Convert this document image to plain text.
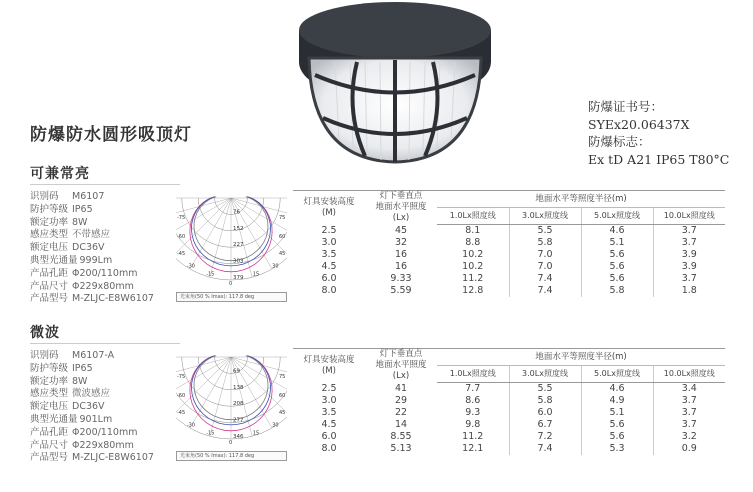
防爆防水圆形吸顶灯
防爆证书号：
SYEx20.06437X
防爆标志：
Ex tD A21 IP65 T80°C
可兼常亮
识别码 M6107
防护等级 IP65
额定功率 8W
感应类型 不带感应
额定电压 DC36V
典型光通量 999Lm
产品孔距 Φ200/110mm
产品尺寸 Φ229x80mm
产品型号 M-ZLJC-E8W6107
76
152
227
303
379
-75	75
-60	60
-45	45
-30	30
-15	15
0
光束角(50 % Imax): 117.8 deg
灯具安装高度
(M)	灯下垂直点
地面水平照度
(Lx)	地面水平等照度半径(m)			
		1.0Lx照度线	3.0Lx照度线	5.0Lx照度线	10.0Lx照度线
2.5	45	8.1	5.5	4.6	3.7
3.0	32	8.8	5.8	5.1	3.7
3.5	16	10.2	7.0	5.6	3.9
4.5	16	10.2	7.0	5.6	3.9
6.0	9.33	11.2	7.4	5.6	3.7
8.0	5.59	12.8	7.4	5.8	1.8
微波
识别码 M6107-A
防护等级 IP65
额定功率 8W
感应类型 微波感应
额定电压 DC36V
典型光通量 901Lm
产品孔距 Φ200/110mm
产品尺寸 Φ229x80mm
产品型号 M-ZLJC-E8W6107
69
138
208
277
346
-75	75
-60	60
-45	45
-30	30
-15	15
0
光束角(50 % Imax): 117.8 deg
灯具安装高度
(M)	灯下垂直点
地面水平照度
(Lx)	地面水平等照度半径(m)			
		1.0Lx照度线	3.0Lx照度线	5.0Lx照度线	10.0Lx照度线
2.5	41	7.7	5.5	4.6	3.4
3.0	29	8.6	5.8	4.9	3.7
3.5	22	9.3	6.0	5.1	3.7
4.5	14	9.8	6.7	5.6	3.7
6.0	8.55	11.2	7.2	5.6	3.2
8.0	5.13	12.1	7.4	5.3	0.9
